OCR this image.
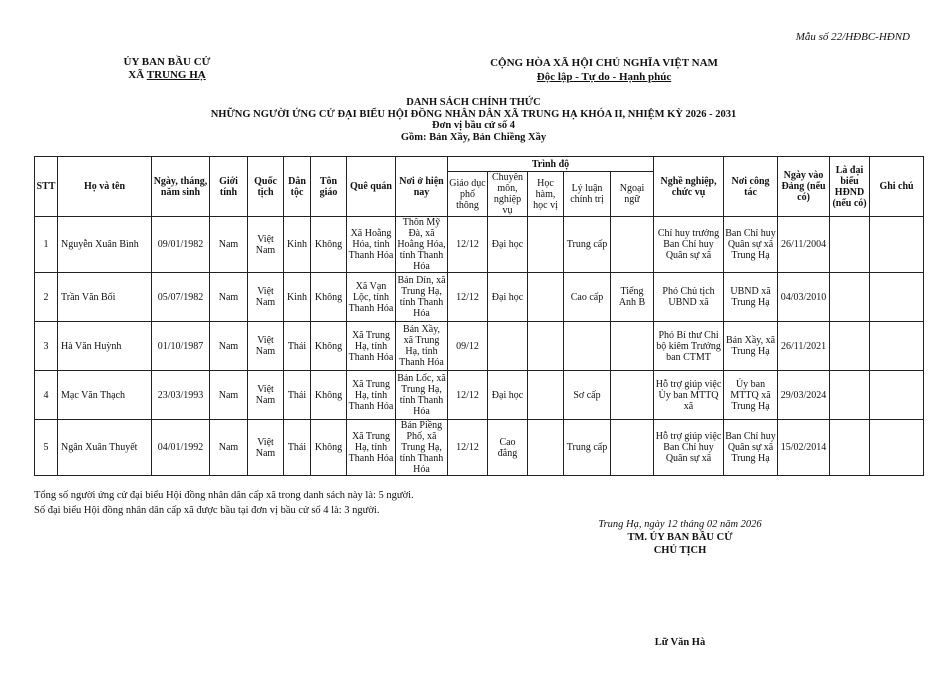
Mẫu số 22/HĐBC-HĐND
ỦY BAN BẦU CỬ
XÃ TRUNG HẠ
CỘNG HÒA XÃ HỘI CHỦ NGHĨA VIỆT NAM
Độc lập - Tự do - Hạnh phúc
DANH SÁCH CHÍNH THỨC
NHỮNG NGƯỜI ỨNG CỬ ĐẠI BIỂU HỘI ĐỒNG NHÂN DÂN XÃ TRUNG HẠ KHÓA II, NHIỆM KỲ 2026 - 2031
Đơn vị bầu cử số 4
Gồm: Bản Xầy, Bản Chiềng Xầy
STT	Họ và tên	Ngày, tháng, năm sinh	Giới tính	Quốc tịch	Dân tộc	Tôn giáo	Quê quán	Nơi ở hiện nay	Trình độ					Nghề nghiệp, chức vụ	Nơi công tác	Ngày vào Đảng (nếu có)	Là đại biểu HĐND (nếu có)	Ghi chú
									Giáo dục phổ thông	Chuyên môn, nghiệp vụ	Học hàm, học vị	Lý luận chính trị	Ngoại ngữ					
1	Nguyễn Xuân Bình	09/01/1982	Nam	Việt Nam	Kinh	Không	Xã Hoằng Hóa, tỉnh Thanh Hóa	Thôn Mỹ Đà, xã Hoằng Hóa, tỉnh Thanh Hóa	12/12	Đại học		Trung cấp		Chỉ huy trưởng Ban Chỉ huy Quân sự xã	Ban Chỉ huy Quân sự xã Trung Hạ	26/11/2004		
2	Trần Văn Bối	05/07/1982	Nam	Việt Nam	Kinh	Không	Xã Vạn Lộc, tỉnh Thanh Hóa	Bản Dín, xã Trung Hạ, tỉnh Thanh Hóa	12/12	Đại học		Cao cấp	Tiếng Anh B	Phó Chủ tịch UBND xã	UBND xã Trung Hạ	04/03/2010		
3	Hà Văn Huỳnh	01/10/1987	Nam	Việt Nam	Thái	Không	Xã Trung Hạ, tỉnh Thanh Hóa	Bản Xầy, xã Trung Hạ, tỉnh Thanh Hóa	09/12					Phó Bí thư Chi bộ kiêm Trưởng ban CTMT	Bản Xầy, xã Trung Hạ	26/11/2021		
4	Mạc Văn Thạch	23/03/1993	Nam	Việt Nam	Thái	Không	Xã Trung Hạ, tỉnh Thanh Hóa	Bản Lốc, xã Trung Hạ, tỉnh Thanh Hóa	12/12	Đại học		Sơ cấp		Hỗ trợ giúp việc Ủy ban MTTQ xã	Ủy ban MTTQ xã Trung Hạ	29/03/2024		
5	Ngân Xuân Thuyết	04/01/1992	Nam	Việt Nam	Thái	Không	Xã Trung Hạ, tỉnh Thanh Hóa	Bản Piềng Phố, xã Trung Hạ, tỉnh Thanh Hóa	12/12	Cao đẳng		Trung cấp		Hỗ trợ giúp việc Ban Chỉ huy Quân sự xã	Ban Chỉ huy Quân sự xã Trung Hạ	15/02/2014		
Tổng số người ứng cử đại biểu Hội đồng nhân dân cấp xã trong danh sách này là: 5 người.
Số đại biểu Hội đồng nhân dân cấp xã được bầu tại đơn vị bầu cử số 4 là: 3 người.
Trung Hạ, ngày 12 tháng 02 năm 2026
TM. ỦY BAN BẦU CỬ
CHỦ TỊCH
Lữ Văn Hà
